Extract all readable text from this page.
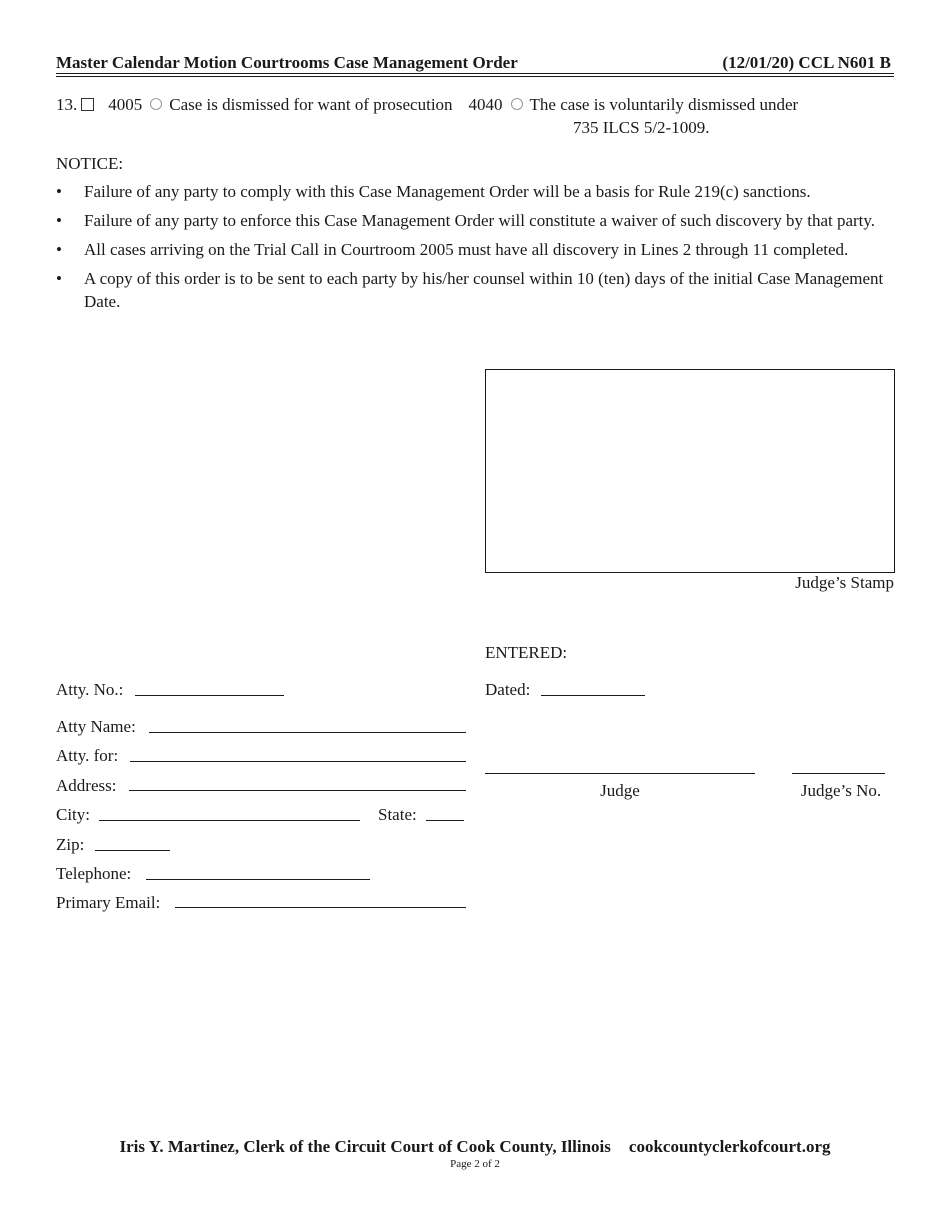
Master Calendar Motion Courtrooms Case Management Order	(12/01/20) CCL N601 B
13. 4005 Case is dismissed for want of prosecution 4040 The case is voluntarily dismissed under
735 ILCS 5/2-1009.
NOTICE:
• Failure of any party to comply with this Case Management Order will be a basis for Rule 219(c) sanctions.
• Failure of any party to enforce this Case Management Order will constitute a waiver of such discovery by that party.
• All cases arriving on the Trial Call in Courtroom 2005 must have all discovery in Lines 2 through 11 completed.
• A copy of this order is to be sent to each party by his/her counsel within 10 (ten) days of the initial Case Management Date.
Judge’s Stamp
ENTERED:
Dated:
Judge	Judge’s No.
Atty. No.:
Atty Name:
Atty. for:
Address:
City:	State:
Zip:
Telephone:
Primary Email:
Iris Y. Martinez, Clerk of the Circuit Court of Cook County, Illinois cookcountyclerkofcourt.org
Page 2 of 2
